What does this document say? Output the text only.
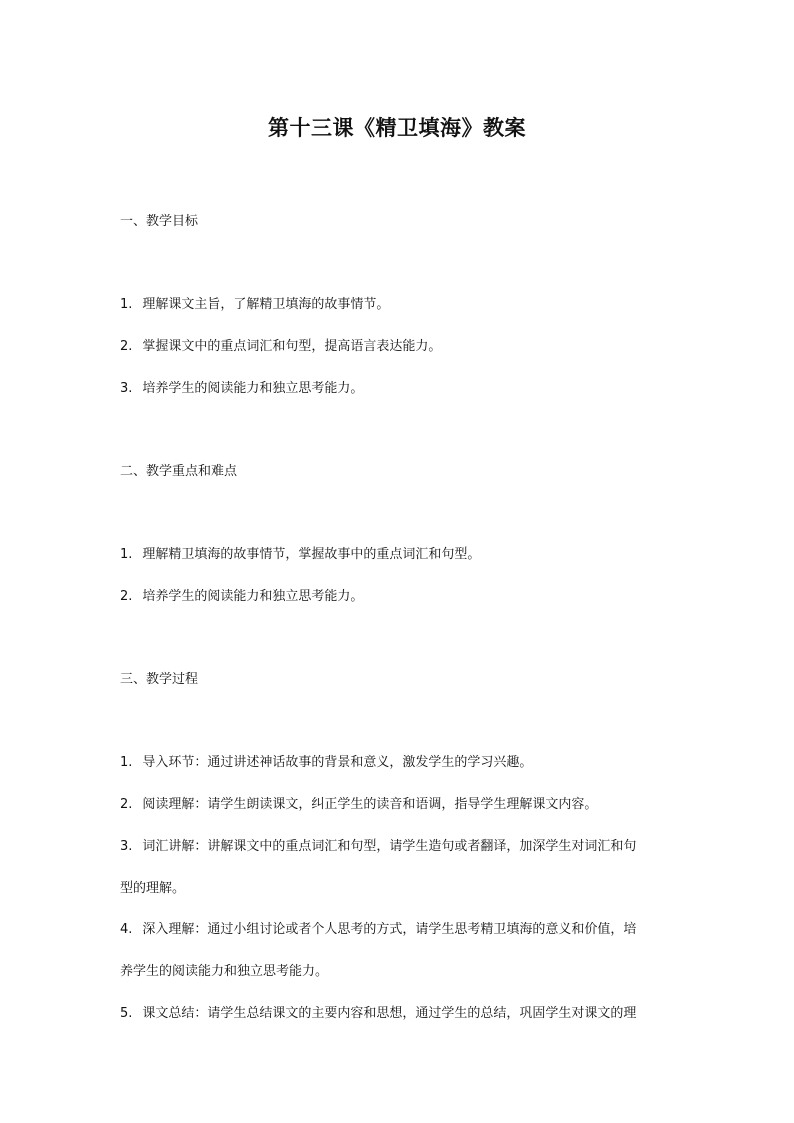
第十三课《精卫填海》教案
一、教学目标
1. 理解课文主旨，了解精卫填海的故事情节。
2. 掌握课文中的重点词汇和句型，提高语言表达能力。
3. 培养学生的阅读能力和独立思考能力。
二、教学重点和难点
1. 理解精卫填海的故事情节，掌握故事中的重点词汇和句型。
2. 培养学生的阅读能力和独立思考能力。
三、教学过程
1. 导入环节：通过讲述神话故事的背景和意义，激发学生的学习兴趣。
2. 阅读理解：请学生朗读课文，纠正学生的读音和语调，指导学生理解课文内容。
3. 词汇讲解：讲解课文中的重点词汇和句型，请学生造句或者翻译，加深学生对词汇和句
型的理解。
4. 深入理解：通过小组讨论或者个人思考的方式，请学生思考精卫填海的意义和价值，培
养学生的阅读能力和独立思考能力。
5. 课文总结：请学生总结课文的主要内容和思想，通过学生的总结，巩固学生对课文的理
